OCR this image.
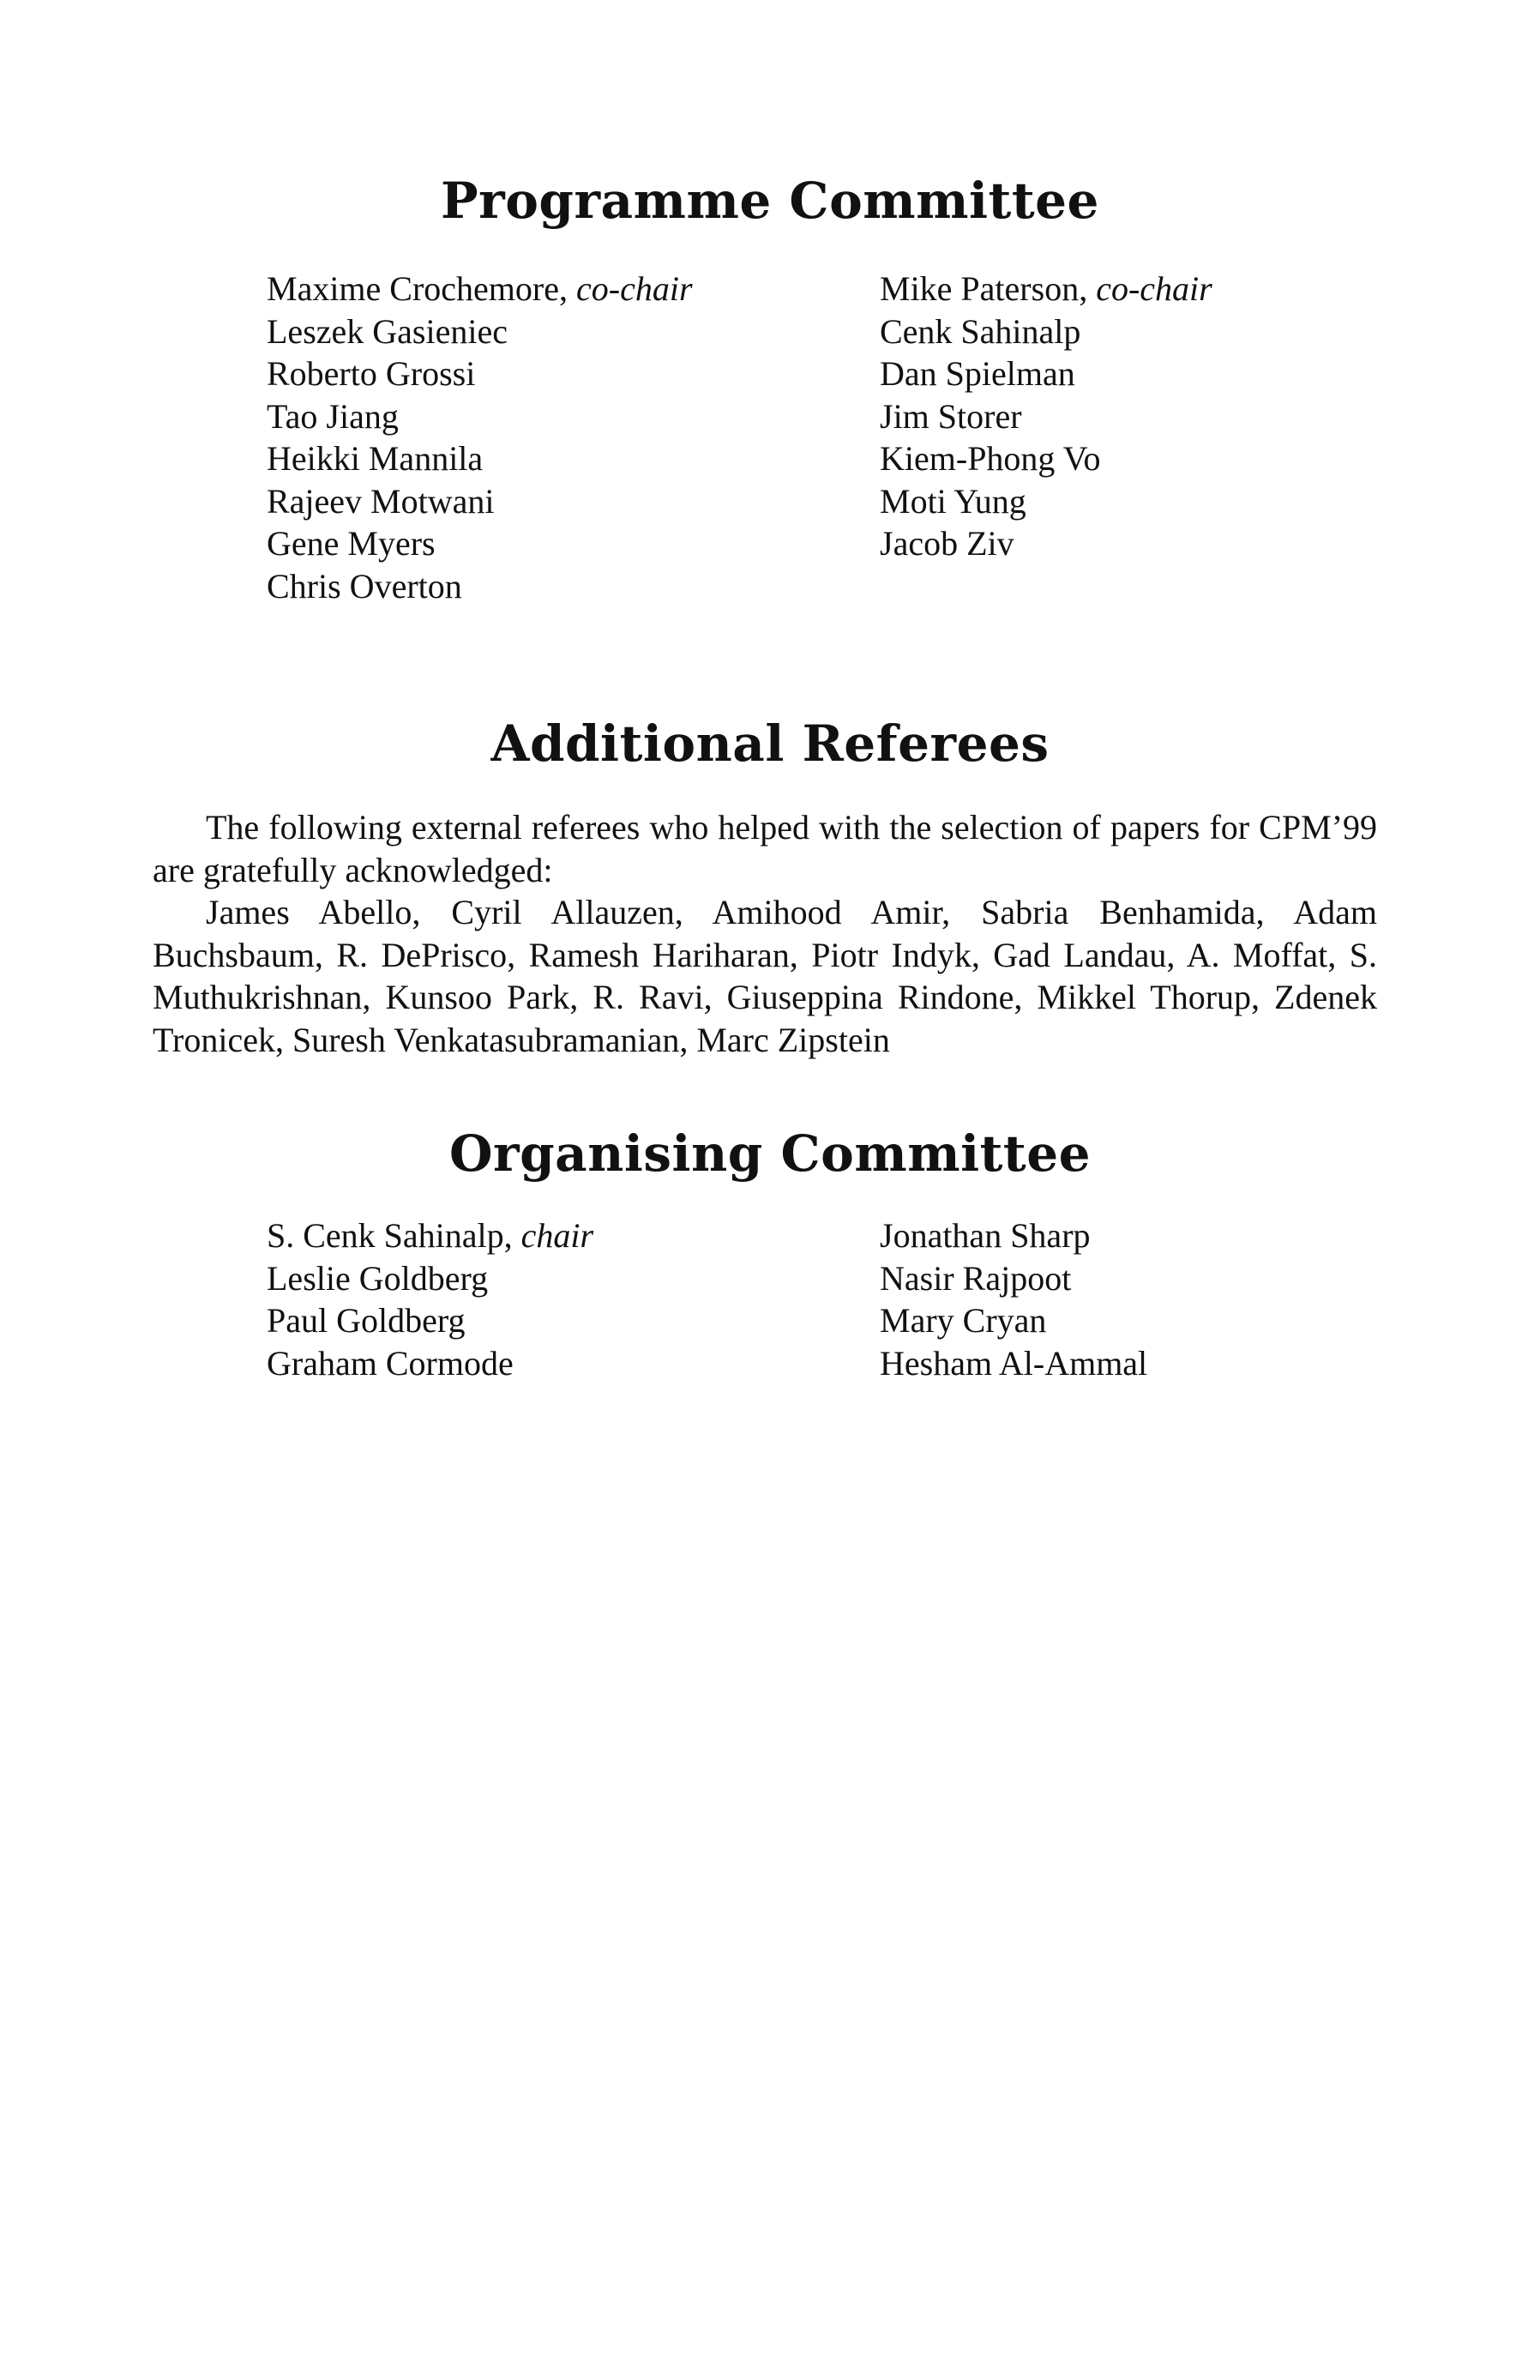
Programme Committee
Maxime Crochemore, co-chair
Leszek Gasieniec
Roberto Grossi
Tao Jiang
Heikki Mannila
Rajeev Motwani
Gene Myers
Chris Overton
Mike Paterson, co-chair
Cenk Sahinalp
Dan Spielman
Jim Storer
Kiem-Phong Vo
Moti Yung
Jacob Ziv
Additional Referees

The following external referees who helped with the selection of papers for CPM’99 are gratefully acknowledged:

James Abello, Cyril Allauzen, Amihood Amir, Sabria Benhamida, Adam Buchsbaum, R. DePrisco, Ramesh Hariharan, Piotr Indyk, Gad Landau, A. Moffat, S. Muthukrishnan, Kunsoo Park, R. Ravi, Giuseppina Rindone, Mikkel Thorup, Zdenek Tronicek, Suresh Venkatasubramanian, Marc Zipstein

Organising Committee
S. Cenk Sahinalp, chair
Leslie Goldberg
Paul Goldberg
Graham Cormode
Jonathan Sharp
Nasir Rajpoot
Mary Cryan
Hesham Al-Ammal
